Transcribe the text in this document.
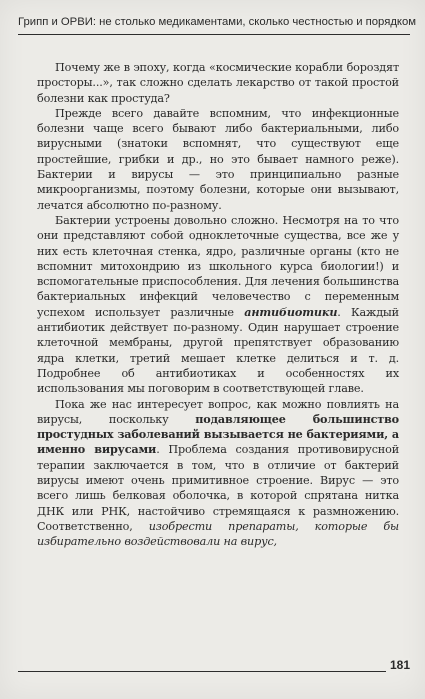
Грипп и ОРВИ: не столько медикаментами, сколько честностью и порядком

Почему же в эпоху, когда «космические корабли бороздят просторы...», так сложно сделать лекарство от такой простой болезни как простуда?

Прежде всего давайте вспомним, что инфекционные болезни чаще всего бывают либо бактериальными, либо вирусными (знатоки вспомнят, что существуют еще простейшие, грибки и др., но это бывает намного реже). Бактерии и вирусы — это принципиально разные микроорганизмы, поэтому болезни, которые они вызывают, лечатся абсолютно по-разному.

Бактерии устроены довольно сложно. Несмотря на то что они представляют собой одноклеточные существа, все же у них есть клеточная стенка, ядро, различные органы (кто не вспомнит митохондрию из школьного курса биологии!) и вспомогательные приспособления. Для лечения большинства бактериальных инфекций человечество с переменным успехом использует различные антибиотики. Каждый антибиотик действует по-разному. Один нарушает строение клеточной мембраны, другой препятствует образованию ядра клетки, третий мешает клетке делиться и т. д. Подробнее об антибиотиках и особенностях их использования мы поговорим в соответствующей главе.

Пока же нас интересует вопрос, как можно повлиять на вирусы, поскольку подавляющее большинство простудных заболеваний вызывается не бактериями, а именно вирусами. Проблема создания противовирусной терапии заключается в том, что в отличие от бактерий вирусы имеют очень примитивное строение. Вирус — это всего лишь белковая оболочка, в которой спрятана нитка ДНК или РНК, настойчиво стремящаяся к размножению. Соответственно, изобрести препараты, которые бы избирательно воздействовали на вирус,

181
